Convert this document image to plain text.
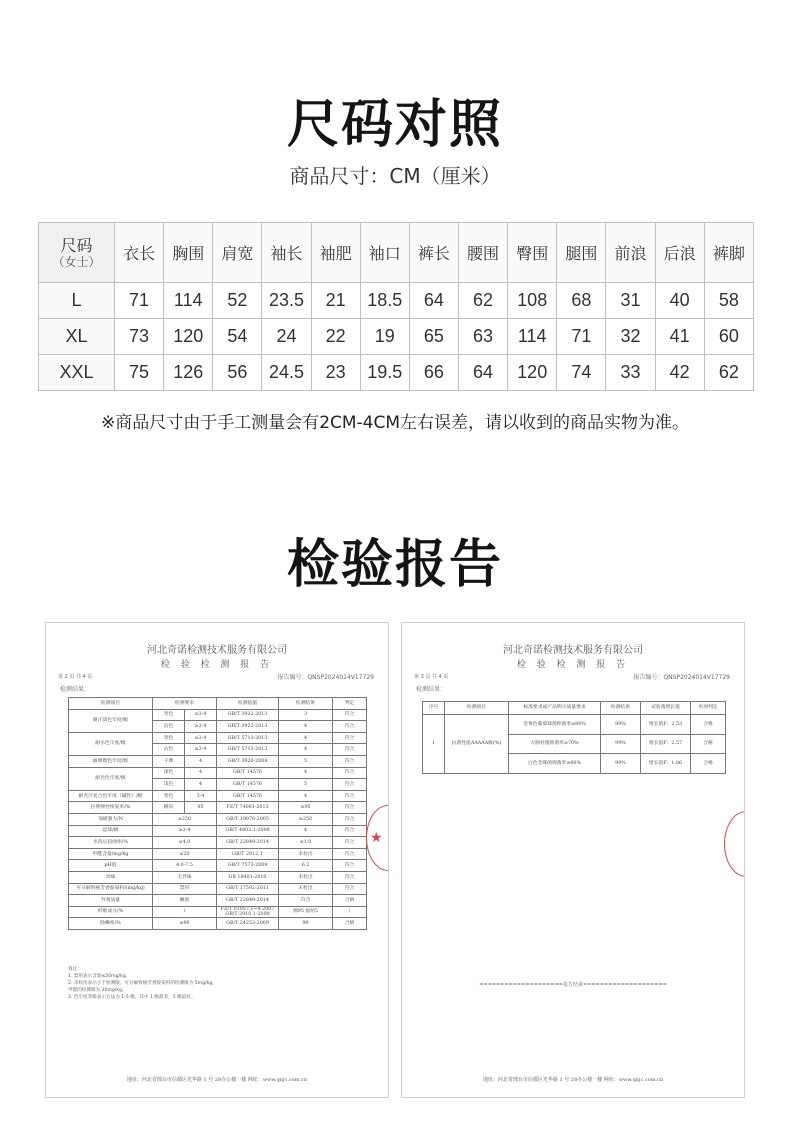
尺码对照
商品尺寸：CM（厘米）
尺码
（女士）	衣长	胸围	肩宽	袖长	袖肥	袖口	裤长	腰围	臀围	腿围	前浪	后浪	裤脚
L	71	114	52	23.5	21	18.5	64	62	108	68	31	40	58
XL	73	120	54	24	22	19	65	63	114	71	32	41	60
XXL	75	126	56	24.5	23	19.5	66	64	120	74	33	42	62
※商品尺寸由于手工测量会有2CM-4CM左右误差，请以收到的商品实物为准。
检验报告
河北奇诺检测技术服务有限公司
检 验 检 测 报 告
第 2 页 共 4 页	报告编号：QNSP2024014V17729
检测结果：
检测项目	检测要求		检测依据	检测结果	判定
耐汗渍色牢度/级	变色	≥3-4	GB/T 3922-2013	3	符合
	沾色	≥3-4	GB/T 3922-2013	4	符合
耐水色牢度/级	变色	≥3-4	GB/T 5713-2013	4	符合
	沾色	≥3-4	GB/T 5713-2013	4	符合
耐摩擦色牢度/级	干摩	4	GB/T 3920-2008	5	符合
耐光色牢度/级	深色	4	GB/T 14576	4	符合
	浅色	4	GB/T 14576	5	符合
耐光汗复合色牢度（碱性）/级	变色	3-4	GB/T 14576	4	符合
拉伸弹性恢复率/%	横向	95	FZ/T 74001-2013	≥95	符合
顶破强力/N	≥250		GB/T 19976-2005	≥250	符合
起球/级	≥3-4		GB/T 4802.1-2008	4	符合
水洗后扭曲率/%	≤4.0		GB/T 22849-2014	≤1.0	符合
甲醛含量/mg/kg	≤20		GB/T 2912.1	未检出	符合
pH值	4.0-7.5		GB/T 7573-2009	6.2	符合
异味	无异味		GB 18401-2010	未检出	符合
可分解致癌芳香胺染料/(mg/kg)	禁用		GB/T 17592-2011	未检出	符合
外观质量	観观		GB/T 22849-2014	符合	合格
纤维成分/%	/		FZ/T 01057.1~4-2007 GB/T 2910.1-2009	棉95 氨纶5	/
除螨率/%	≥90		GB/T 24253-2009	99	合格
备注：
1. 禁用表示含量≤20mg/kg。
2. 未检出表示小于检测限，可分解致癌芳香胺染料的检测限为 5mg/kg，
甲醛的检测限为 20mg/kg。
3. 色牢度等级表示方法为 1-5 级，其中 1 级最差，5 级最好。
★
地址：河北省邢台市信都区光华路 1 号 28办公楼一楼 网址：www.qnjc.com.cn
河北奇诺检测技术服务有限公司
检 验 检 测 报 告
第 3 页 共 4 页	报告编号：QNSP2024014V17729
检测结果：
序号	检测项目	标准要求或产品明示质量要求	检测结果	试验菌增长值	单项判定
1	抗菌性能AAAAA级(%)	金黄色葡萄球菌抑菌率≥80%	99%	增长值F：2.53	合格
		大肠杆菌抑菌率≥70%	99%	增长值F：2.57	合格
		白色念珠菌抑菌率≥60%	99%	增长值F：1.86	合格
====================报告结束====================
地址：河北省邢台市信都区光华路 1 号 28办公楼一楼 网址：www.qnjc.com.cn
